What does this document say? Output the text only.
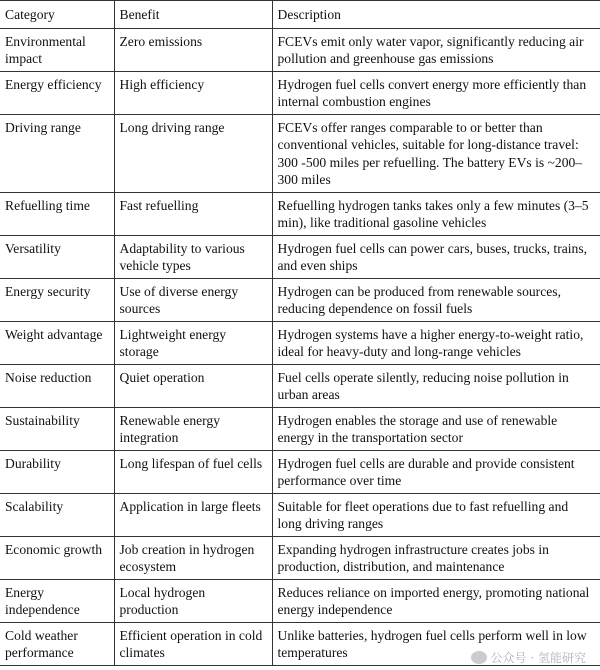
Category	Benefit	Description
Environmental impact	Zero emissions	FCEVs emit only water vapor, significantly reducing air pollution and greenhouse gas emissions
Energy efficiency	High efficiency	Hydrogen fuel cells convert energy more efficiently than internal combustion engines
Driving range	Long driving range	FCEVs offer ranges comparable to or better than conventional vehicles, suitable for long-distance travel: 300 -500 miles per refuelling. The battery EVs is ~200–300 miles
Refuelling time	Fast refuelling	Refuelling hydrogen tanks takes only a few minutes (3–5 min), like traditional gasoline vehicles
Versatility	Adaptability to various vehicle types	Hydrogen fuel cells can power cars, buses, trucks, trains, and even ships
Energy security	Use of diverse energy sources	Hydrogen can be produced from renewable sources, reducing dependence on fossil fuels
Weight advantage	Lightweight energy storage	Hydrogen systems have a higher energy-to-weight ratio, ideal for heavy-duty and long-range vehicles
Noise reduction	Quiet operation	Fuel cells operate silently, reducing noise pollution in urban areas
Sustainability	Renewable energy integration	Hydrogen enables the storage and use of renewable energy in the transportation sector
Durability	Long lifespan of fuel cells	Hydrogen fuel cells are durable and provide consistent performance over time
Scalability	Application in large fleets	Suitable for fleet operations due to fast refuelling and long driving ranges
Economic growth	Job creation in hydrogen ecosystem	Expanding hydrogen infrastructure creates jobs in production, distribution, and maintenance
Energy independence	Local hydrogen production	Reduces reliance on imported energy, promoting national energy independence
Cold weather performance	Efficient operation in cold climates	Unlike batteries, hydrogen fuel cells perform well in low temperatures	公众号 · 氢能研究
